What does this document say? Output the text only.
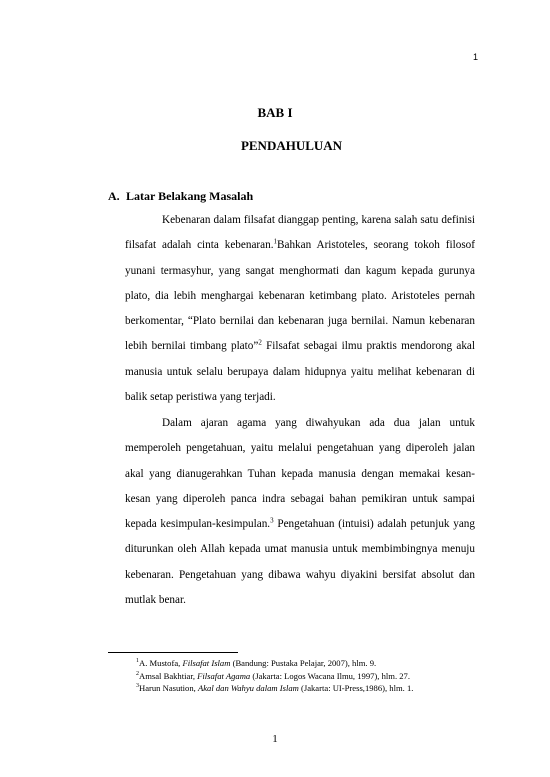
1
BAB I
PENDAHULUAN
A. Latar Belakang Masalah

Kebenaran dalam filsafat dianggap penting, karena salah satu definisi filsafat adalah cinta kebenaran.$^1$Bahkan Aristoteles, seorang tokoh filosof yunani termasyhur, yang sangat menghormati dan kagum kepada gurunya plato, dia lebih menghargai kebenaran ketimbang plato. Aristoteles pernah berkomentar, “Plato bernilai dan kebenaran juga bernilai. Namun kebenaran lebih bernilai timbang plato”$^2$ Filsafat sebagai ilmu praktis mendorong akal manusia untuk selalu berupaya dalam hidupnya yaitu melihat kebenaran di balik setap peristiwa yang terjadi.

Dalam ajaran agama yang diwahyukan ada dua jalan untuk memperoleh pengetahuan, yaitu melalui pengetahuan yang diperoleh jalan akal yang dianugerahkan Tuhan kepada manusia dengan memakai kesan-kesan yang diperoleh panca indra sebagai bahan pemikiran untuk sampai kepada kesimpulan-kesimpulan.$^3$ Pengetahuan (intuisi) adalah petunjuk yang diturunkan oleh Allah kepada umat manusia untuk membimbingnya menuju kebenaran. Pengetahuan yang dibawa wahyu diyakini bersifat absolut dan mutlak benar.

$^1$A. Mustofa, Filsafat Islam (Bandung: Pustaka Pelajar, 2007), hlm. 9.
$^2$Amsal Bakhtiar, Filsafat Agama (Jakarta: Logos Wacana Ilmu, 1997), hlm. 27.
$^3$Harun Nasution, Akal dan Wahyu dalam Islam (Jakarta: UI-Press,1986), hlm. 1.
1
